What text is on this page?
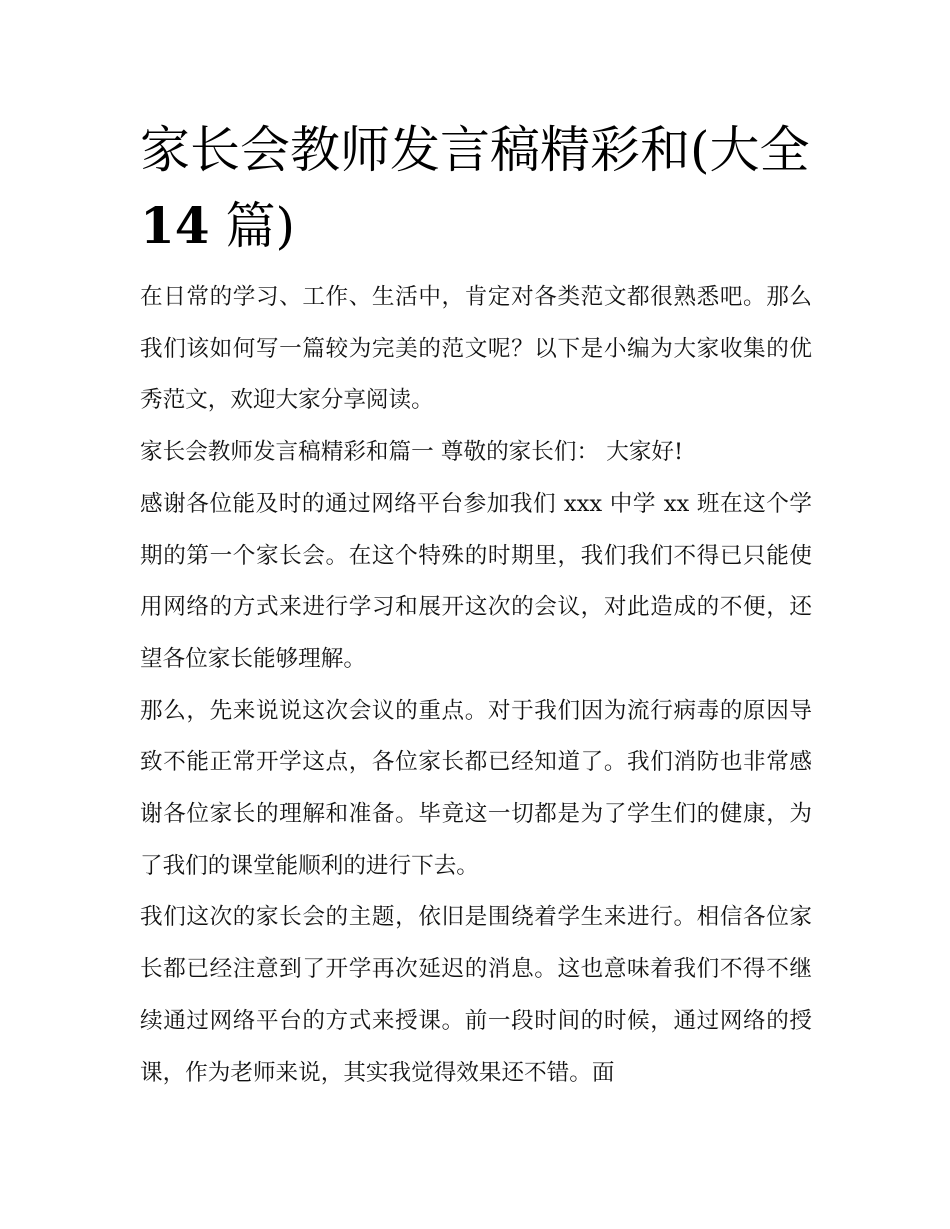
家长会教师发言稿精彩和(大全
14 篇)

在日常的学习、工作、生活中，肯定对各类范文都很熟悉吧。那么我们该如何写一篇较为完美的范文呢？以下是小编为大家收集的优秀范文，欢迎大家分享阅读。

家长会教师发言稿精彩和篇一 尊敬的家长们： 大家好!

感谢各位能及时的通过网络平台参加我们 xxx 中学 xx 班在这个学期的第一个家长会。在这个特殊的时期里，我们我们不得已只能使用网络的方式来进行学习和展开这次的会议，对此造成的不便，还望各位家长能够理解。

那么，先来说说这次会议的重点。对于我们因为流行病毒的原因导致不能正常开学这点，各位家长都已经知道了。我们消防也非常感谢各位家长的理解和准备。毕竟这一切都是为了学生们的健康，为了我们的课堂能顺利的进行下去。

我们这次的家长会的主题，依旧是围绕着学生来进行。相信各位家长都已经注意到了开学再次延迟的消息。这也意味着我们不得不继续通过网络平台的方式来授课。前一段时间的时候，通过网络的授课，作为老师来说，其实我觉得效果还不错。面
